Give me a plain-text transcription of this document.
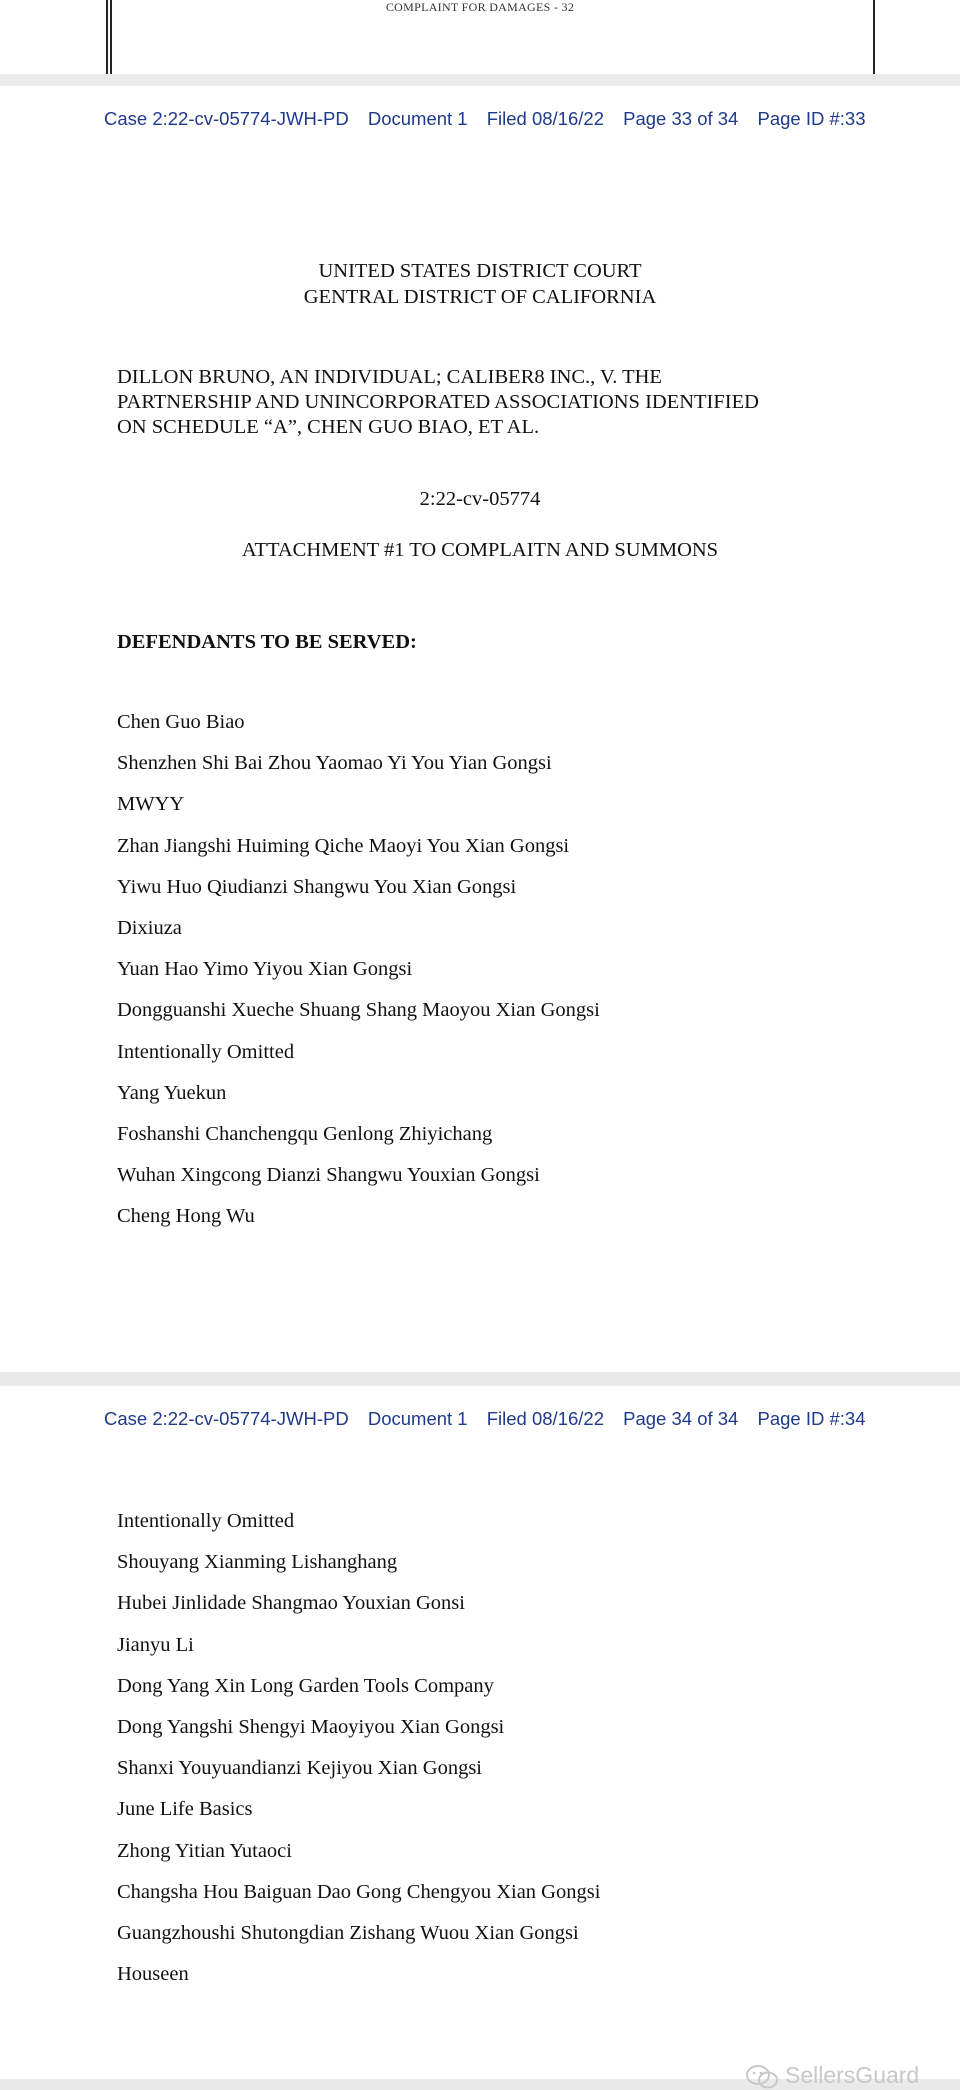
COMPLAINT FOR DAMAGES - 32
Case 2:22-cv-05774-JWH-PD Document 1 Filed 08/16/22 Page 33 of 34 Page ID #:33
UNITED STATES DISTRICT COURT
GENTRAL DISTRICT OF CALIFORNIA
DILLON BRUNO, AN INDIVIDUAL; CALIBER8 INC., V. THE
PARTNERSHIP AND UNINCORPORATED ASSOCIATIONS IDENTIFIED
ON SCHEDULE “A”, CHEN GUO BIAO, ET AL.
2:22-cv-05774
ATTACHMENT #1 TO COMPLAITN AND SUMMONS
DEFENDANTS TO BE SERVED:
Chen Guo Biao
Shenzhen Shi Bai Zhou Yaomao Yi You Yian Gongsi
MWYY
Zhan Jiangshi Huiming Qiche Maoyi You Xian Gongsi
Yiwu Huo Qiudianzi Shangwu You Xian Gongsi
Dixiuza
Yuan Hao Yimo Yiyou Xian Gongsi
Dongguanshi Xueche Shuang Shang Maoyou Xian Gongsi
Intentionally Omitted
Yang Yuekun
Foshanshi Chanchengqu Genlong Zhiyichang
Wuhan Xingcong Dianzi Shangwu Youxian Gongsi
Cheng Hong Wu
Case 2:22-cv-05774-JWH-PD Document 1 Filed 08/16/22 Page 34 of 34 Page ID #:34
Intentionally Omitted
Shouyang Xianming Lishanghang
Hubei Jinlidade Shangmao Youxian Gonsi
Jianyu Li
Dong Yang Xin Long Garden Tools Company
Dong Yangshi Shengyi Maoyiyou Xian Gongsi
Shanxi Youyuandianzi Kejiyou Xian Gongsi
June Life Basics
Zhong Yitian Yutaoci
Changsha Hou Baiguan Dao Gong Chengyou Xian Gongsi
Guangzhoushi Shutongdian Zishang Wuou Xian Gongsi
Houseen
SellersGuard
